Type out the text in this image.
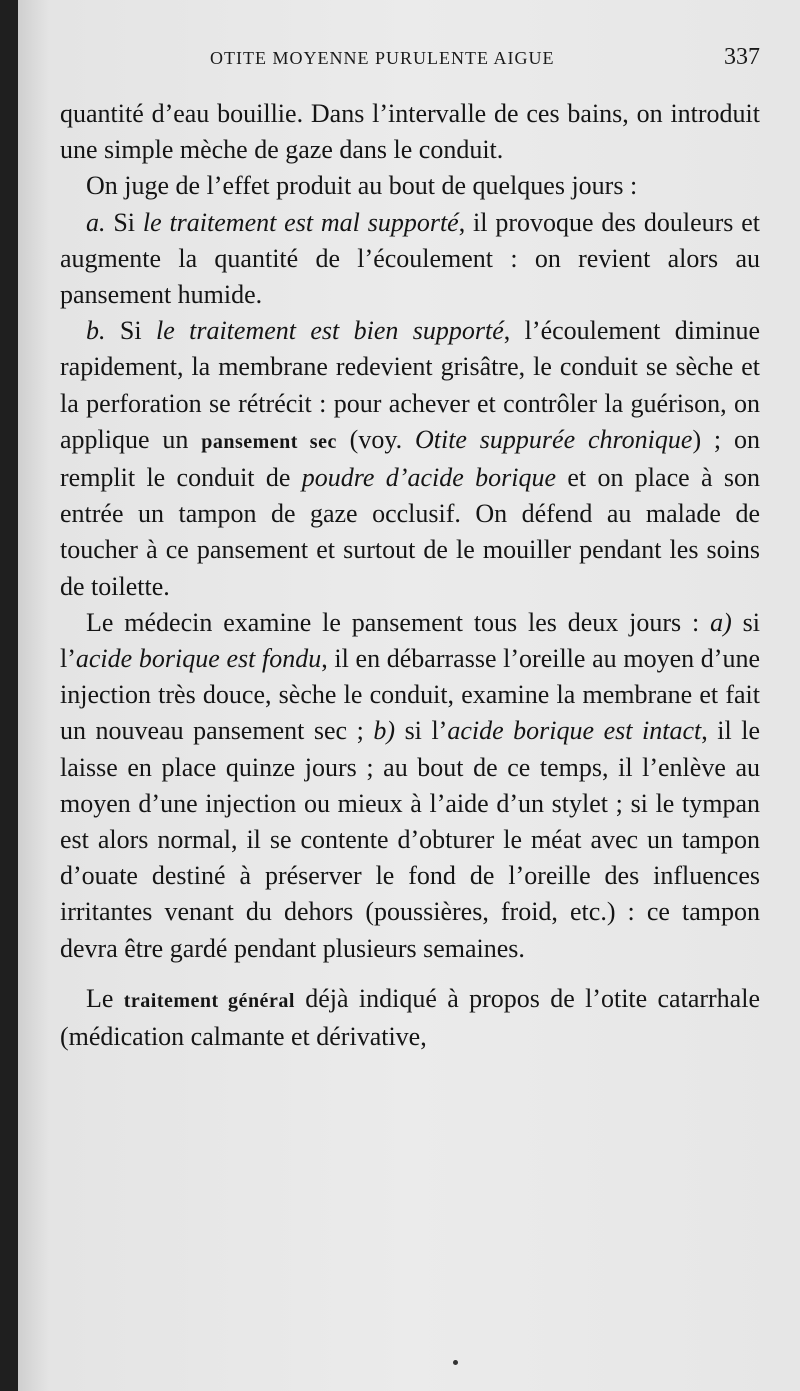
OTITE MOYENNE PURULENTE AIGUE	337

quantité d’eau bouillie. Dans l’intervalle de ces bains, on introduit une simple mèche de gaze dans le conduit.

On juge de l’effet produit au bout de quelques jours :

a. Si le traitement est mal supporté, il provoque des douleurs et augmente la quantité de l’écoulement : on revient alors au pansement humide.

b. Si le traitement est bien supporté, l’écoulement diminue rapidement, la membrane redevient grisâtre, le conduit se sèche et la perforation se rétrécit : pour achever et contrôler la guérison, on applique un pansement sec (voy. Otite suppurée chronique) ; on remplit le conduit de poudre d’acide borique et on place à son entrée un tampon de gaze occlusif. On défend au malade de toucher à ce pansement et surtout de le mouiller pendant les soins de toilette.

Le médecin examine le pansement tous les deux jours : a) si l’acide borique est fondu, il en débarrasse l’oreille au moyen d’une injection très douce, sèche le conduit, examine la membrane et fait un nouveau pansement sec ; b) si l’acide borique est intact, il le laisse en place quinze jours ; au bout de ce temps, il l’enlève au moyen d’une injection ou mieux à l’aide d’un stylet ; si le tympan est alors normal, il se contente d’obturer le méat avec un tampon d’ouate destiné à préserver le fond de l’oreille des influences irritantes venant du dehors (poussières, froid, etc.) : ce tampon devra être gardé pendant plusieurs semaines.

Le traitement général déjà indiqué à propos de l’otite catarrhale (médication calmante et dérivative,
